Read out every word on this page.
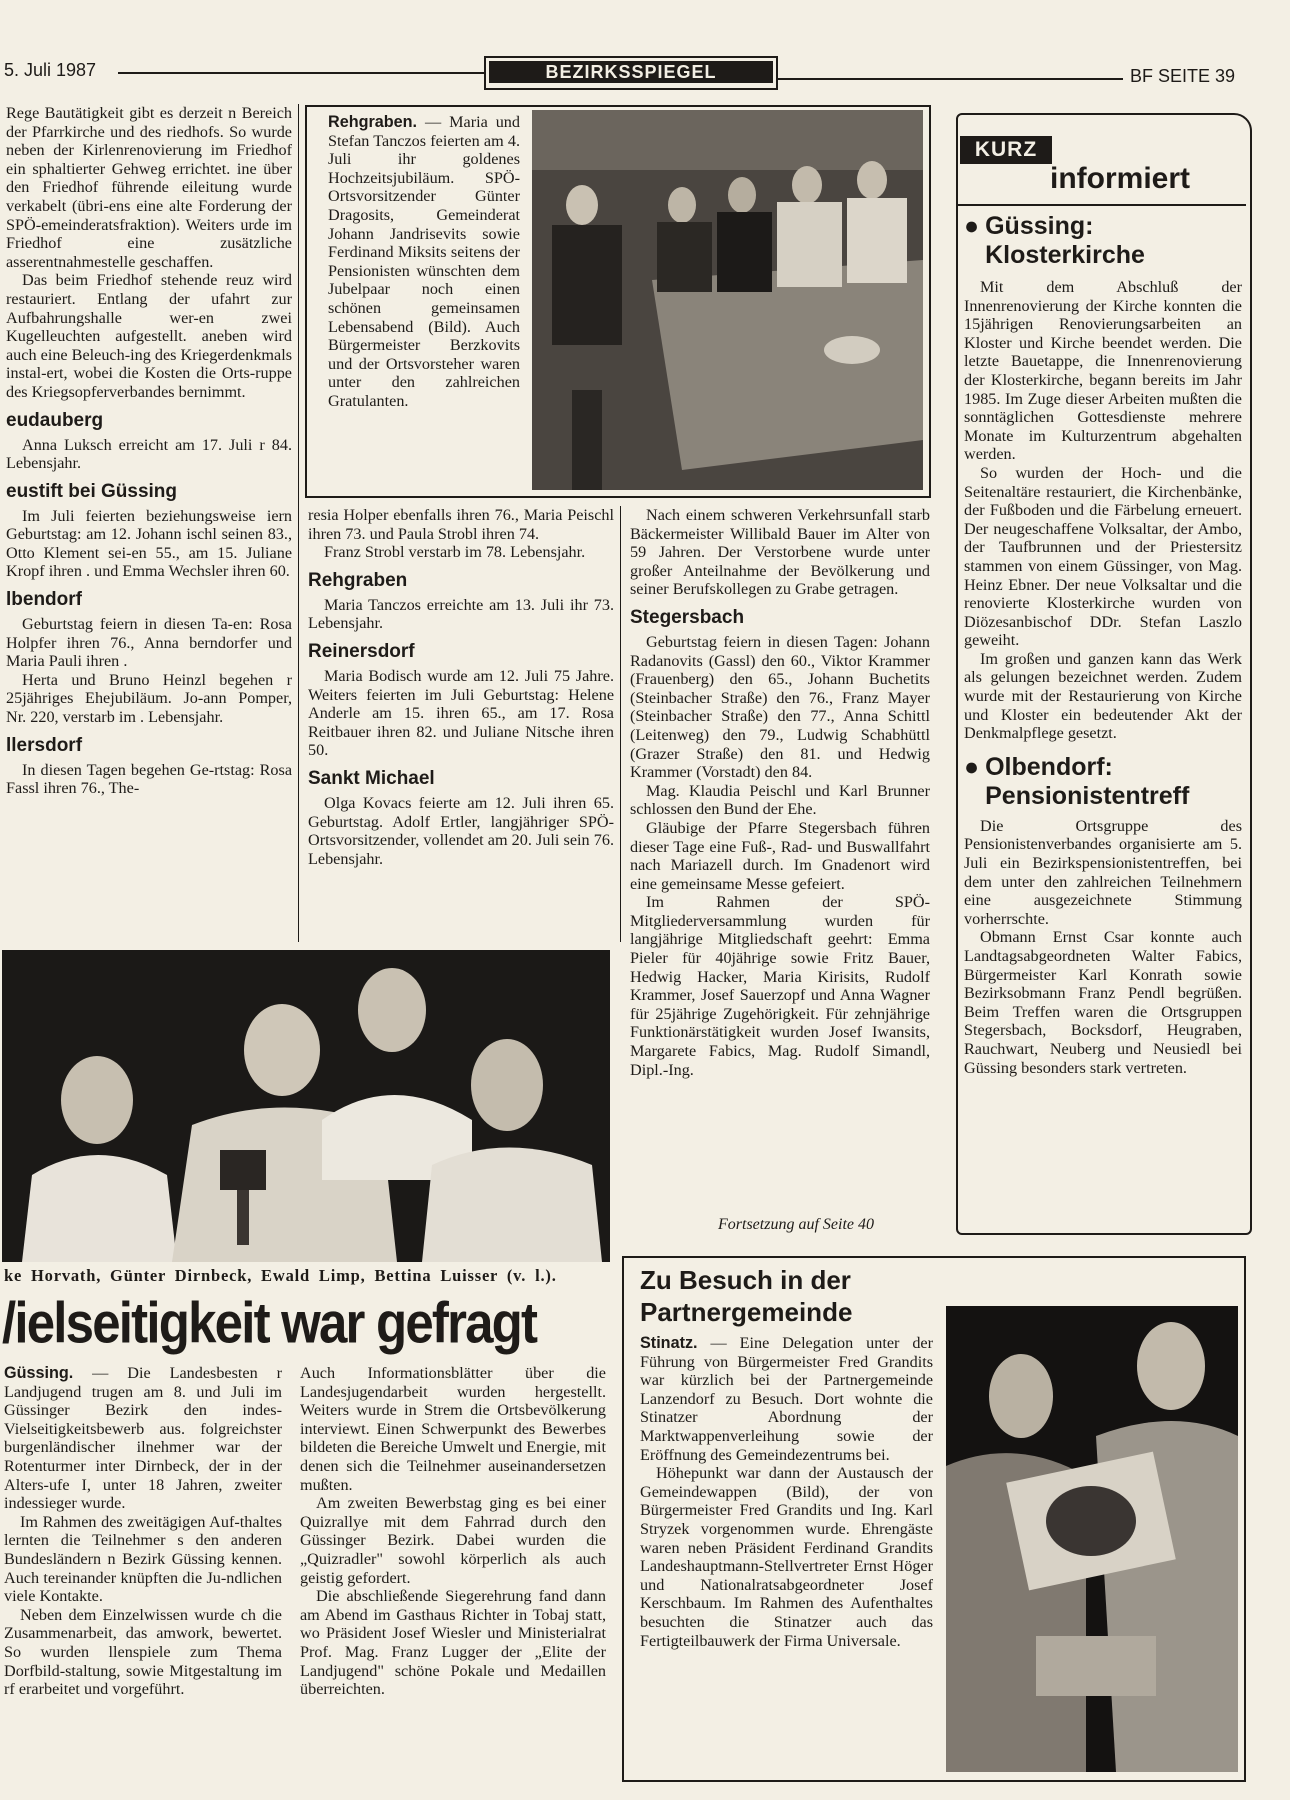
5. Juli 1987	BEZIRKSSPIEGEL	BF SEITE 39

Rege Bautätigkeit gibt es derzeit n Bereich der Pfarrkirche und des riedhofs. So wurde neben der Kirlenrenovierung im Friedhof ein sphaltierter Gehweg errichtet. ine über den Friedhof führende eileitung wurde verkabelt (übri-ens eine alte Forderung der SPÖ-emeinderatsfraktion). Weiters urde im Friedhof eine zusätzliche asserentnahmestelle geschaffen.

Das beim Friedhof stehende reuz wird restauriert. Entlang der ufahrt zur Aufbahrungshalle wer-en zwei Kugelleuchten aufgestellt. aneben wird auch eine Beleuch-ing des Kriegerdenkmals instal-ert, wobei die Kosten die Orts-ruppe des Kriegsopferverbandes bernimmt.

eudauberg

Anna Luksch erreicht am 17. Juli r 84. Lebensjahr.

eustift bei Güssing

Im Juli feierten beziehungsweise iern Geburtstag: am 12. Johann ischl seinen 83., Otto Klement sei-en 55., am 15. Juliane Kropf ihren . und Emma Wechsler ihren 60.

lbendorf

Geburtstag feiern in diesen Ta-en: Rosa Holpfer ihren 76., Anna berndorfer und Maria Pauli ihren .

Herta und Bruno Heinzl begehen r 25jähriges Ehejubiläum. Jo-ann Pomper, Nr. 220, verstarb im . Lebensjahr.

llersdorf

In diesen Tagen begehen Ge-rtstag: Rosa Fassl ihren 76., The-

Rehgraben. — Maria und Stefan Tanczos feierten am 4. Juli ihr goldenes Hochzeitsjubiläum. SPÖ-Ortsvorsitzender Günter Dragosits, Gemeinderat Johann Jandrisevits sowie Ferdinand Miksits seitens der Pensionisten wünschten dem Jubelpaar noch einen schönen gemeinsamen Lebensabend (Bild). Auch Bürgermeister Berzkovits und der Ortsvorsteher waren unter den zahlreichen Gratulanten.

resia Holper ebenfalls ihren 76., Maria Peischl ihren 73. und Paula Strobl ihren 74.

Franz Strobl verstarb im 78. Lebensjahr.

Rehgraben

Maria Tanczos erreichte am 13. Juli ihr 73. Lebensjahr.

Reinersdorf

Maria Bodisch wurde am 12. Juli 75 Jahre. Weiters feierten im Juli Geburtstag: Helene Anderle am 15. ihren 65., am 17. Rosa Reitbauer ihren 82. und Juliane Nitsche ihren 50.

Sankt Michael

Olga Kovacs feierte am 12. Juli ihren 65. Geburtstag. Adolf Ertler, langjähriger SPÖ-Ortsvorsitzender, vollendet am 20. Juli sein 76. Lebensjahr.

Nach einem schweren Verkehrsunfall starb Bäckermeister Willibald Bauer im Alter von 59 Jahren. Der Verstorbene wurde unter großer Anteilnahme der Bevölkerung und seiner Berufskollegen zu Grabe getragen.

Stegersbach

Geburtstag feiern in diesen Tagen: Johann Radanovits (Gassl) den 60., Viktor Krammer (Frauenberg) den 65., Johann Buchetits (Steinbacher Straße) den 76., Franz Mayer (Steinbacher Straße) den 77., Anna Schittl (Leitenweg) den 79., Ludwig Schabhüttl (Grazer Straße) den 81. und Hedwig Krammer (Vorstadt) den 84.

Mag. Klaudia Peischl und Karl Brunner schlossen den Bund der Ehe.

Gläubige der Pfarre Stegersbach führen dieser Tage eine Fuß-, Rad- und Buswallfahrt nach Mariazell durch. Im Gnadenort wird eine gemeinsame Messe gefeiert.

Im Rahmen der SPÖ-Mitgliederversammlung wurden für langjährige Mitgliedschaft geehrt: Emma Pieler für 40jährige sowie Fritz Bauer, Hedwig Hacker, Maria Kirisits, Rudolf Krammer, Josef Sauerzopf und Anna Wagner für 25jährige Zugehörigkeit. Für zehnjährige Funktionärstätigkeit wurden Josef Iwansits, Margarete Fabics, Mag. Rudolf Simandl, Dipl.-Ing.

Fortsetzung auf Seite 40
KURZ
informiert
● Güssing: Klosterkirche

Mit dem Abschluß der Innenrenovierung der Kirche konnten die 15jährigen Renovierungsarbeiten an Kloster und Kirche beendet werden. Die letzte Bauetappe, die Innenrenovierung der Klosterkirche, begann bereits im Jahr 1985. Im Zuge dieser Arbeiten mußten die sonntäglichen Gottesdienste mehrere Monate im Kulturzentrum abgehalten werden.

So wurden der Hoch- und die Seitenaltäre restauriert, die Kirchenbänke, der Fußboden und die Färbelung erneuert. Der neugeschaffene Volksaltar, der Ambo, der Taufbrunnen und der Priestersitz stammen von einem Güssinger, von Mag. Heinz Ebner. Der neue Volksaltar und die renovierte Klosterkirche wurden von Diözesanbischof DDr. Stefan Laszlo geweiht.

Im großen und ganzen kann das Werk als gelungen bezeichnet werden. Zudem wurde mit der Restaurierung von Kirche und Kloster ein bedeutender Akt der Denkmalpflege gesetzt.

● Olbendorf: Pensionistentreff

Die Ortsgruppe des Pensionistenverbandes organisierte am 5. Juli ein Bezirkspensionistentreffen, bei dem unter den zahlreichen Teilnehmern eine ausgezeichnete Stimmung vorherrschte.

Obmann Ernst Csar konnte auch Landtagsabgeordneten Walter Fabics, Bürgermeister Karl Konrath sowie Bezirksobmann Franz Pendl begrüßen. Beim Treffen waren die Ortsgruppen Stegersbach, Bocksdorf, Heugraben, Rauchwart, Neuberg und Neusiedl bei Güssing besonders stark vertreten.

ke Horvath, Günter Dirnbeck, Ewald Limp, Bettina Luisser (v. l.).
/ielseitigkeit war gefragt

Güssing. — Die Landesbesten r Landjugend trugen am 8. und Juli im Güssinger Bezirk den indes-Vielseitigkeitsbewerb aus. folgreichster burgenländischer ilnehmer war der Rotenturmer inter Dirnbeck, der in der Alters-ufe I, unter 18 Jahren, zweiter indessieger wurde.

Im Rahmen des zweitägigen Auf-thaltes lernten die Teilnehmer s den anderen Bundesländern n Bezirk Güssing kennen. Auch tereinander knüpften die Ju-ndlichen viele Kontakte.

Neben dem Einzelwissen wurde ch die Zusammenarbeit, das amwork, bewertet. So wurden llenspiele zum Thema Dorfbild-staltung, sowie Mitgestaltung im rf erarbeitet und vorgeführt.

Auch Informationsblätter über die Landesjugendarbeit wurden hergestellt. Weiters wurde in Strem die Ortsbevölkerung interviewt. Einen Schwerpunkt des Bewerbes bildeten die Bereiche Umwelt und Energie, mit denen sich die Teilnehmer auseinandersetzen mußten.

Am zweiten Bewerbstag ging es bei einer Quizrallye mit dem Fahrrad durch den Güssinger Bezirk. Dabei wurden die „Quizradler" sowohl körperlich als auch geistig gefordert.

Die abschließende Siegerehrung fand dann am Abend im Gasthaus Richter in Tobaj statt, wo Präsident Josef Wiesler und Ministerialrat Prof. Mag. Franz Lugger der „Elite der Landjugend" schöne Pokale und Medaillen überreichten.

Zu Besuch in der Partnergemeinde

Stinatz. — Eine Delegation unter der Führung von Bürgermeister Fred Grandits war kürzlich bei der Partnergemeinde Lanzendorf zu Besuch. Dort wohnte die Stinatzer Abordnung der Marktwappenverleihung sowie der Eröffnung des Gemeindezentrums bei.

Höhepunkt war dann der Austausch der Gemeindewappen (Bild), der von Bürgermeister Fred Grandits und Ing. Karl Stryzek vorgenommen wurde. Ehrengäste waren neben Präsident Ferdinand Grandits Landeshauptmann-Stellvertreter Ernst Höger und Nationalratsabgeordneter Josef Kerschbaum. Im Rahmen des Aufenthaltes besuchten die Stinatzer auch das Fertigteilbauwerk der Firma Universale.
